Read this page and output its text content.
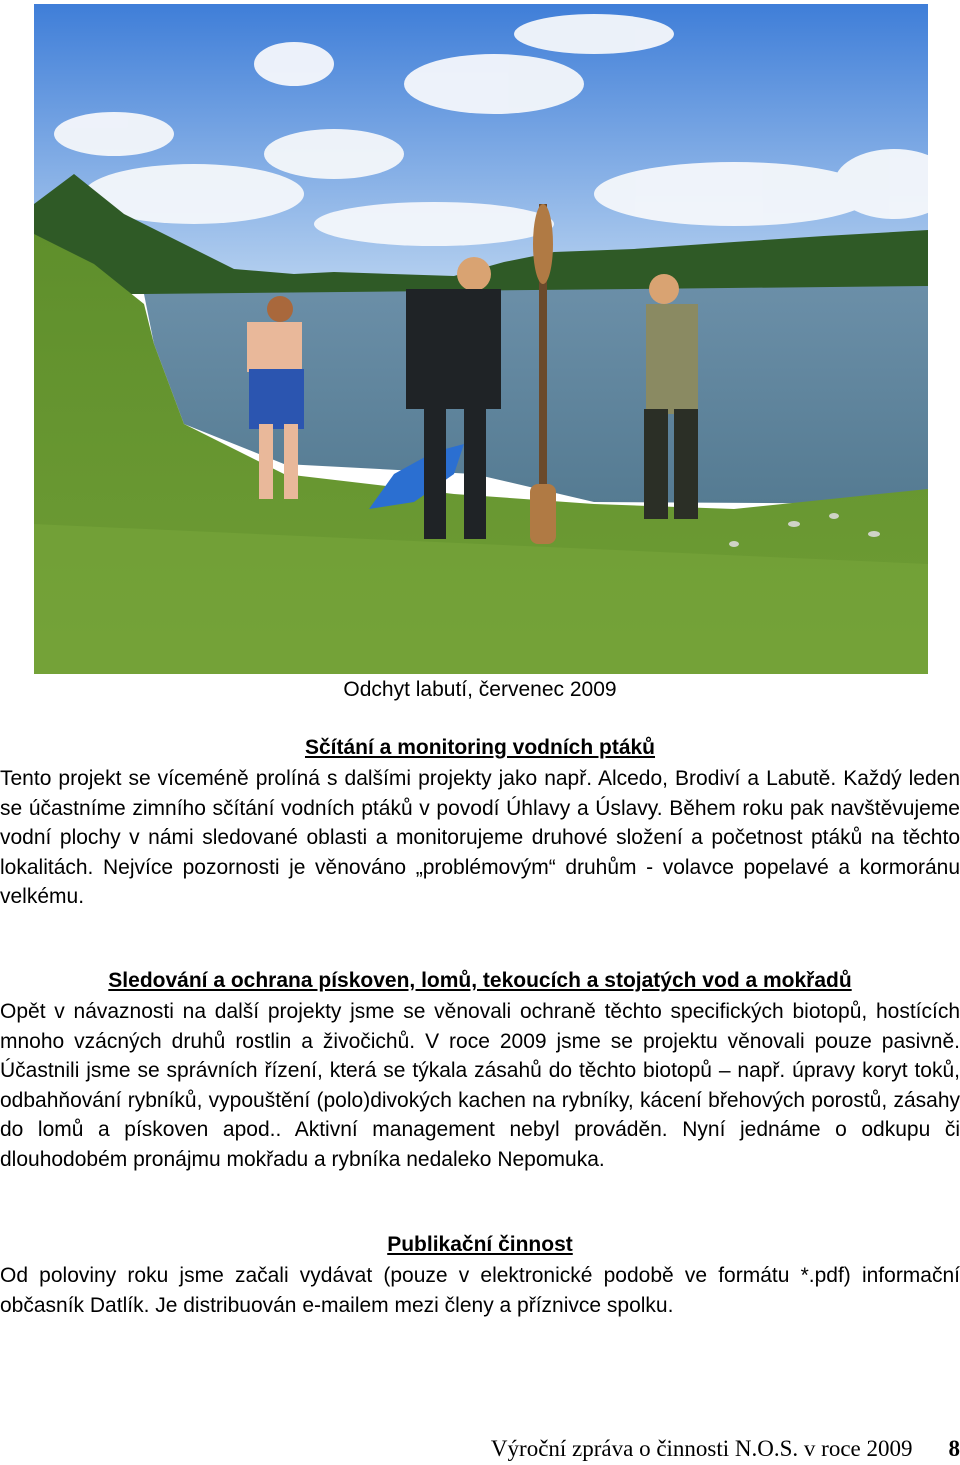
Odchyt labutí, červenec 2009
Sčítání a monitoring vodních ptáků
Tento projekt se víceméně prolíná s dalšími projekty jako např. Alcedo, Brodiví a Labutě. Každý leden se účastníme zimního sčítání vodních ptáků v povodí Úhlavy a Úslavy. Během roku pak navštěvujeme vodní plochy v námi sledované oblasti a monitorujeme druhové složení a početnost ptáků na těchto lokalitách. Nejvíce pozornosti je věnováno „problémovým“ druhům - volavce popelavé a kormoránu velkému.
Sledování a ochrana pískoven, lomů, tekoucích a stojatých vod a mokřadů
Opět v návaznosti na další projekty jsme se věnovali ochraně těchto specifických biotopů, hostících mnoho vzácných druhů rostlin a živočichů. V roce 2009 jsme se projektu věnovali pouze pasivně. Účastnili jsme se správních řízení, která se týkala zásahů do těchto biotopů – např. úpravy koryt toků, odbahňování rybníků, vypouštění (polo)divokých kachen na rybníky, kácení břehových porostů, zásahy do lomů a pískoven apod.. Aktivní management nebyl prováděn. Nyní jednáme o odkupu či dlouhodobém pronájmu mokřadu a rybníka nedaleko Nepomuka.
Publikační činnost
Od poloviny roku jsme začali vydávat (pouze v elektronické podobě ve formátu *.pdf) informační občasník Datlík. Je distribuován e-mailem mezi členy a příznivce spolku.
Výroční zpráva o činnosti N.O.S. v roce 2009 8
